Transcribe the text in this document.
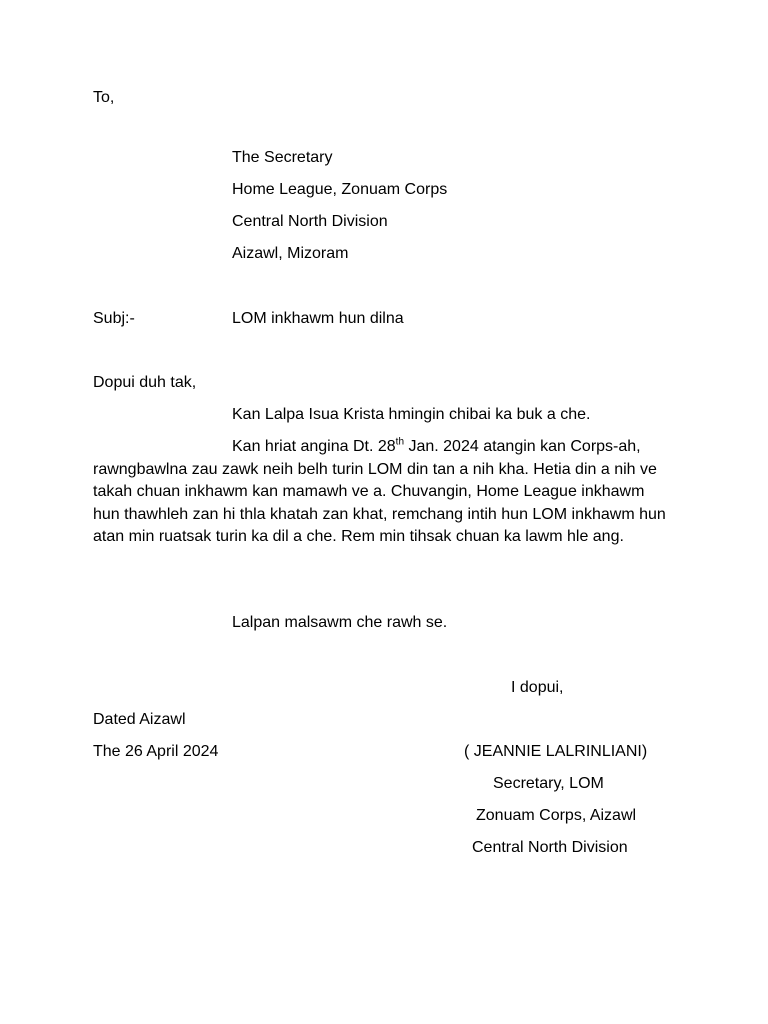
To,
The Secretary
Home League, Zonuam Corps
Central North Division
Aizawl, Mizoram
Subj:-	LOM inkhawm hun dilna
Dopui duh tak,
Kan Lalpa Isua Krista hmingin chibai ka buk a che.
Kan hriat angina Dt. 28th Jan. 2024 atangin kan Corps-ah, rawngbawlna zau zawk neih belh turin LOM din tan a nih kha. Hetia din a nih ve takah chuan inkhawm kan mamawh ve a. Chuvangin, Home League inkhawm hun thawhleh zan hi thla khatah zan khat, remchang intih hun LOM inkhawm hun atan min ruatsak turin ka dil a che. Rem min tihsak chuan ka lawm hle ang.
Lalpan malsawm che rawh se.
I dopui,
Dated Aizawl
The 26 April 2024	( JEANNIE LALRINLIANI)
Secretary, LOM
Zonuam Corps, Aizawl
Central North Division
